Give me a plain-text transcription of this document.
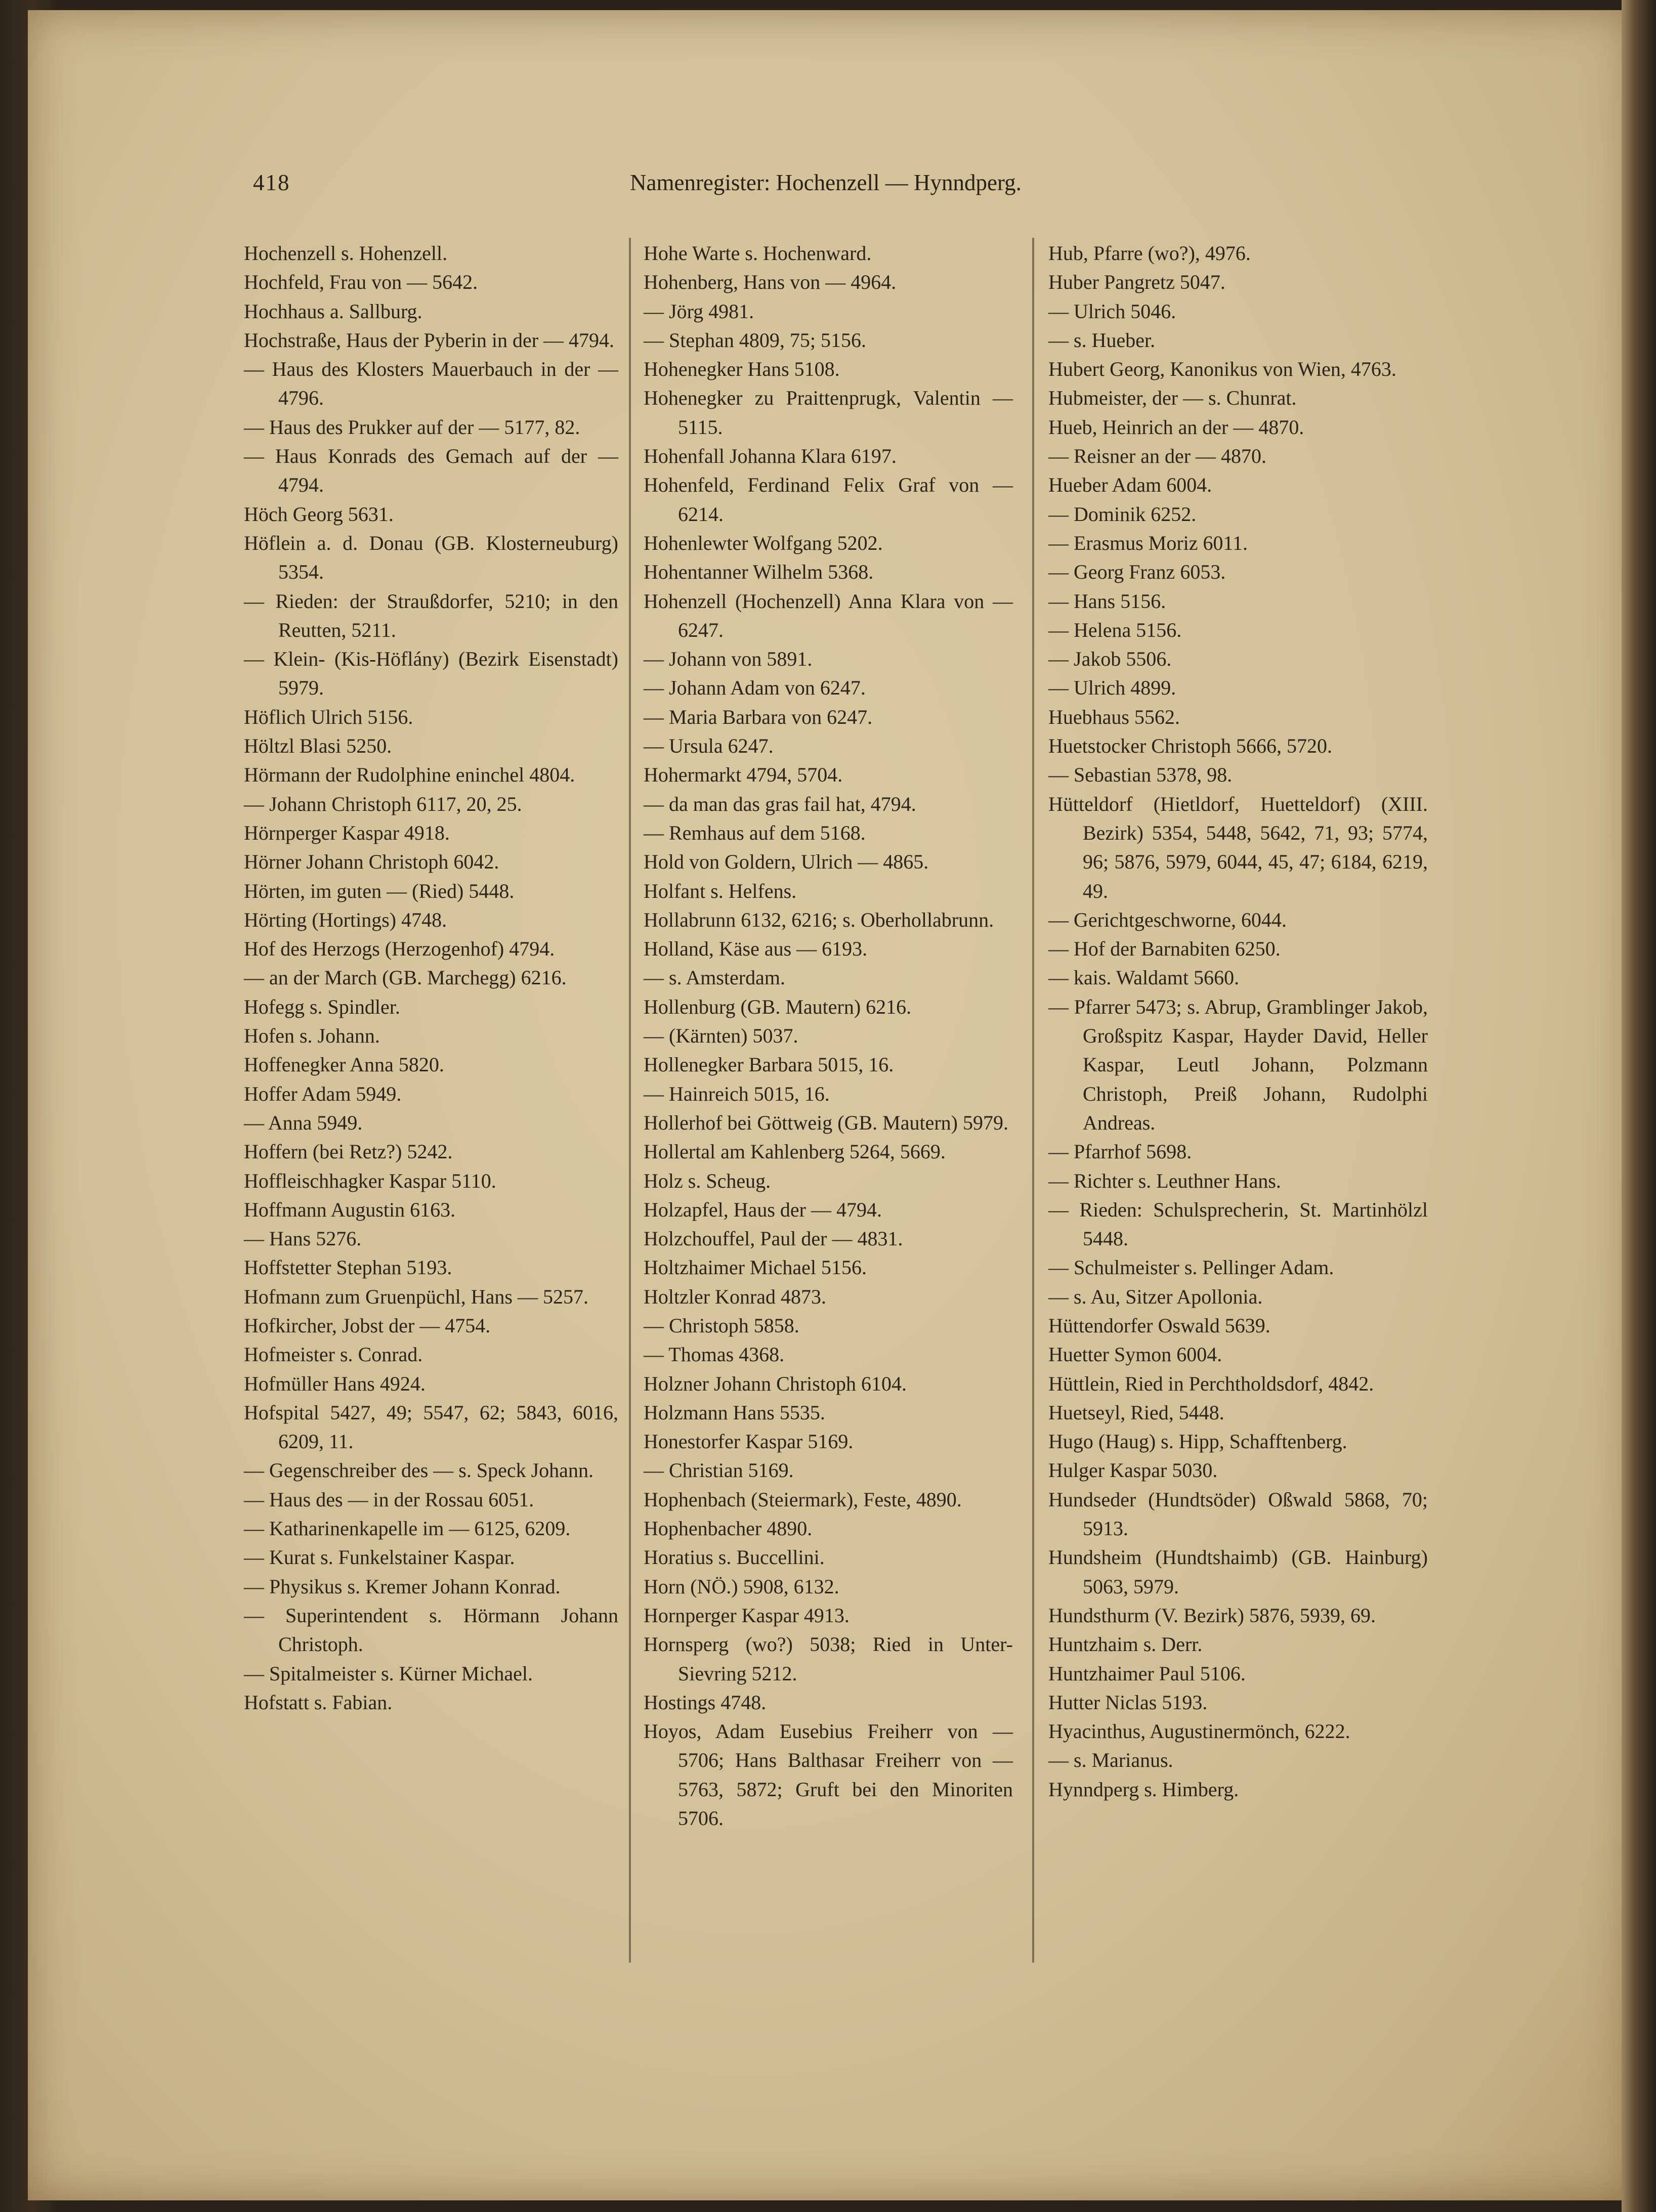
418	Namenregister: Hochenzell — Hynndperg.
Hochenzell s. Hohenzell.
Hochfeld, Frau von — 5642.
Hochhaus a. Sallburg.
Hochstraße, Haus der Pyberin in der — 4794.
— Haus des Klosters Mauerbauch in der — 4796.
— Haus des Prukker auf der — 5177, 82.
— Haus Konrads des Gemach auf der — 4794.
Höch Georg 5631.
Höflein a. d. Donau (GB. Klosterneuburg) 5354.
— Rieden: der Straußdorfer, 5210; in den Reutten, 5211.
— Klein- (Kis-Höflány) (Bezirk Eisenstadt) 5979.
Höflich Ulrich 5156.
Höltzl Blasi 5250.
Hörmann der Rudolphine eninchel 4804.
— Johann Christoph 6117, 20, 25.
Hörnperger Kaspar 4918.
Hörner Johann Christoph 6042.
Hörten, im guten — (Ried) 5448.
Hörting (Hortings) 4748.
Hof des Herzogs (Herzogenhof) 4794.
— an der March (GB. Marchegg) 6216.
Hofegg s. Spindler.
Hofen s. Johann.
Hoffenegker Anna 5820.
Hoffer Adam 5949.
— Anna 5949.
Hoffern (bei Retz?) 5242.
Hoffleischhagker Kaspar 5110.
Hoffmann Augustin 6163.
— Hans 5276.
Hoffstetter Stephan 5193.
Hofmann zum Gruenpüchl, Hans — 5257.
Hofkircher, Jobst der — 4754.
Hofmeister s. Conrad.
Hofmüller Hans 4924.
Hofspital 5427, 49; 5547, 62; 5843, 6016, 6209, 11.
— Gegenschreiber des — s. Speck Johann.
— Haus des — in der Rossau 6051.
— Katharinenkapelle im — 6125, 6209.
— Kurat s. Funkelstainer Kaspar.
— Physikus s. Kremer Johann Konrad.
— Superintendent s. Hörmann Johann Christoph.
— Spitalmeister s. Kürner Michael.
Hofstatt s. Fabian.
Hohe Warte s. Hochenward.
Hohenberg, Hans von — 4964.
— Jörg 4981.
— Stephan 4809, 75; 5156.
Hohenegker Hans 5108.
Hohenegker zu Praittenprugk, Valentin — 5115.
Hohenfall Johanna Klara 6197.
Hohenfeld, Ferdinand Felix Graf von — 6214.
Hohenlewter Wolfgang 5202.
Hohentanner Wilhelm 5368.
Hohenzell (Hochenzell) Anna Klara von — 6247.
— Johann von 5891.
— Johann Adam von 6247.
— Maria Barbara von 6247.
— Ursula 6247.
Hohermarkt 4794, 5704.
— da man das gras fail hat, 4794.
— Remhaus auf dem 5168.
Hold von Goldern, Ulrich — 4865.
Holfant s. Helfens.
Hollabrunn 6132, 6216; s. Oberhollabrunn.
Holland, Käse aus — 6193.
— s. Amsterdam.
Hollenburg (GB. Mautern) 6216.
— (Kärnten) 5037.
Hollenegker Barbara 5015, 16.
— Hainreich 5015, 16.
Hollerhof bei Göttweig (GB. Mautern) 5979.
Hollertal am Kahlenberg 5264, 5669.
Holz s. Scheug.
Holzapfel, Haus der — 4794.
Holzchouffel, Paul der — 4831.
Holtzhaimer Michael 5156.
Holtzler Konrad 4873.
— Christoph 5858.
— Thomas 4368.
Holzner Johann Christoph 6104.
Holzmann Hans 5535.
Honestorfer Kaspar 5169.
— Christian 5169.
Hophenbach (Steiermark), Feste, 4890.
Hophenbacher 4890.
Horatius s. Buccellini.
Horn (NÖ.) 5908, 6132.
Hornperger Kaspar 4913.
Hornsperg (wo?) 5038; Ried in Unter-Sievring 5212.
Hostings 4748.
Hoyos, Adam Eusebius Freiherr von — 5706; Hans Balthasar Freiherr von — 5763, 5872; Gruft bei den Minoriten 5706.
Hub, Pfarre (wo?), 4976.
Huber Pangretz 5047.
— Ulrich 5046.
— s. Hueber.
Hubert Georg, Kanonikus von Wien, 4763.
Hubmeister, der — s. Chunrat.
Hueb, Heinrich an der — 4870.
— Reisner an der — 4870.
Hueber Adam 6004.
— Dominik 6252.
— Erasmus Moriz 6011.
— Georg Franz 6053.
— Hans 5156.
— Helena 5156.
— Jakob 5506.
— Ulrich 4899.
Huebhaus 5562.
Huetstocker Christoph 5666, 5720.
— Sebastian 5378, 98.
Hütteldorf (Hietldorf, Huetteldorf) (XIII. Bezirk) 5354, 5448, 5642, 71, 93; 5774, 96; 5876, 5979, 6044, 45, 47; 6184, 6219, 49.
— Gerichtgeschworne, 6044.
— Hof der Barnabiten 6250.
— kais. Waldamt 5660.
— Pfarrer 5473; s. Abrup, Gramblinger Jakob, Großspitz Kaspar, Hayder David, Heller Kaspar, Leutl Johann, Polzmann Christoph, Preiß Johann, Rudolphi Andreas.
— Pfarrhof 5698.
— Richter s. Leuthner Hans.
— Rieden: Schulsprecherin, St. Martinhölzl 5448.
— Schulmeister s. Pellinger Adam.
— s. Au, Sitzer Apollonia.
Hüttendorfer Oswald 5639.
Huetter Symon 6004.
Hüttlein, Ried in Perchtholdsdorf, 4842.
Huetseyl, Ried, 5448.
Hugo (Haug) s. Hipp, Schafftenberg.
Hulger Kaspar 5030.
Hundseder (Hundtsöder) Oßwald 5868, 70; 5913.
Hundsheim (Hundtshaimb) (GB. Hainburg) 5063, 5979.
Hundsthurm (V. Bezirk) 5876, 5939, 69.
Huntzhaim s. Derr.
Huntzhaimer Paul 5106.
Hutter Niclas 5193.
Hyacinthus, Augustinermönch, 6222.
— s. Marianus.
Hynndperg s. Himberg.
